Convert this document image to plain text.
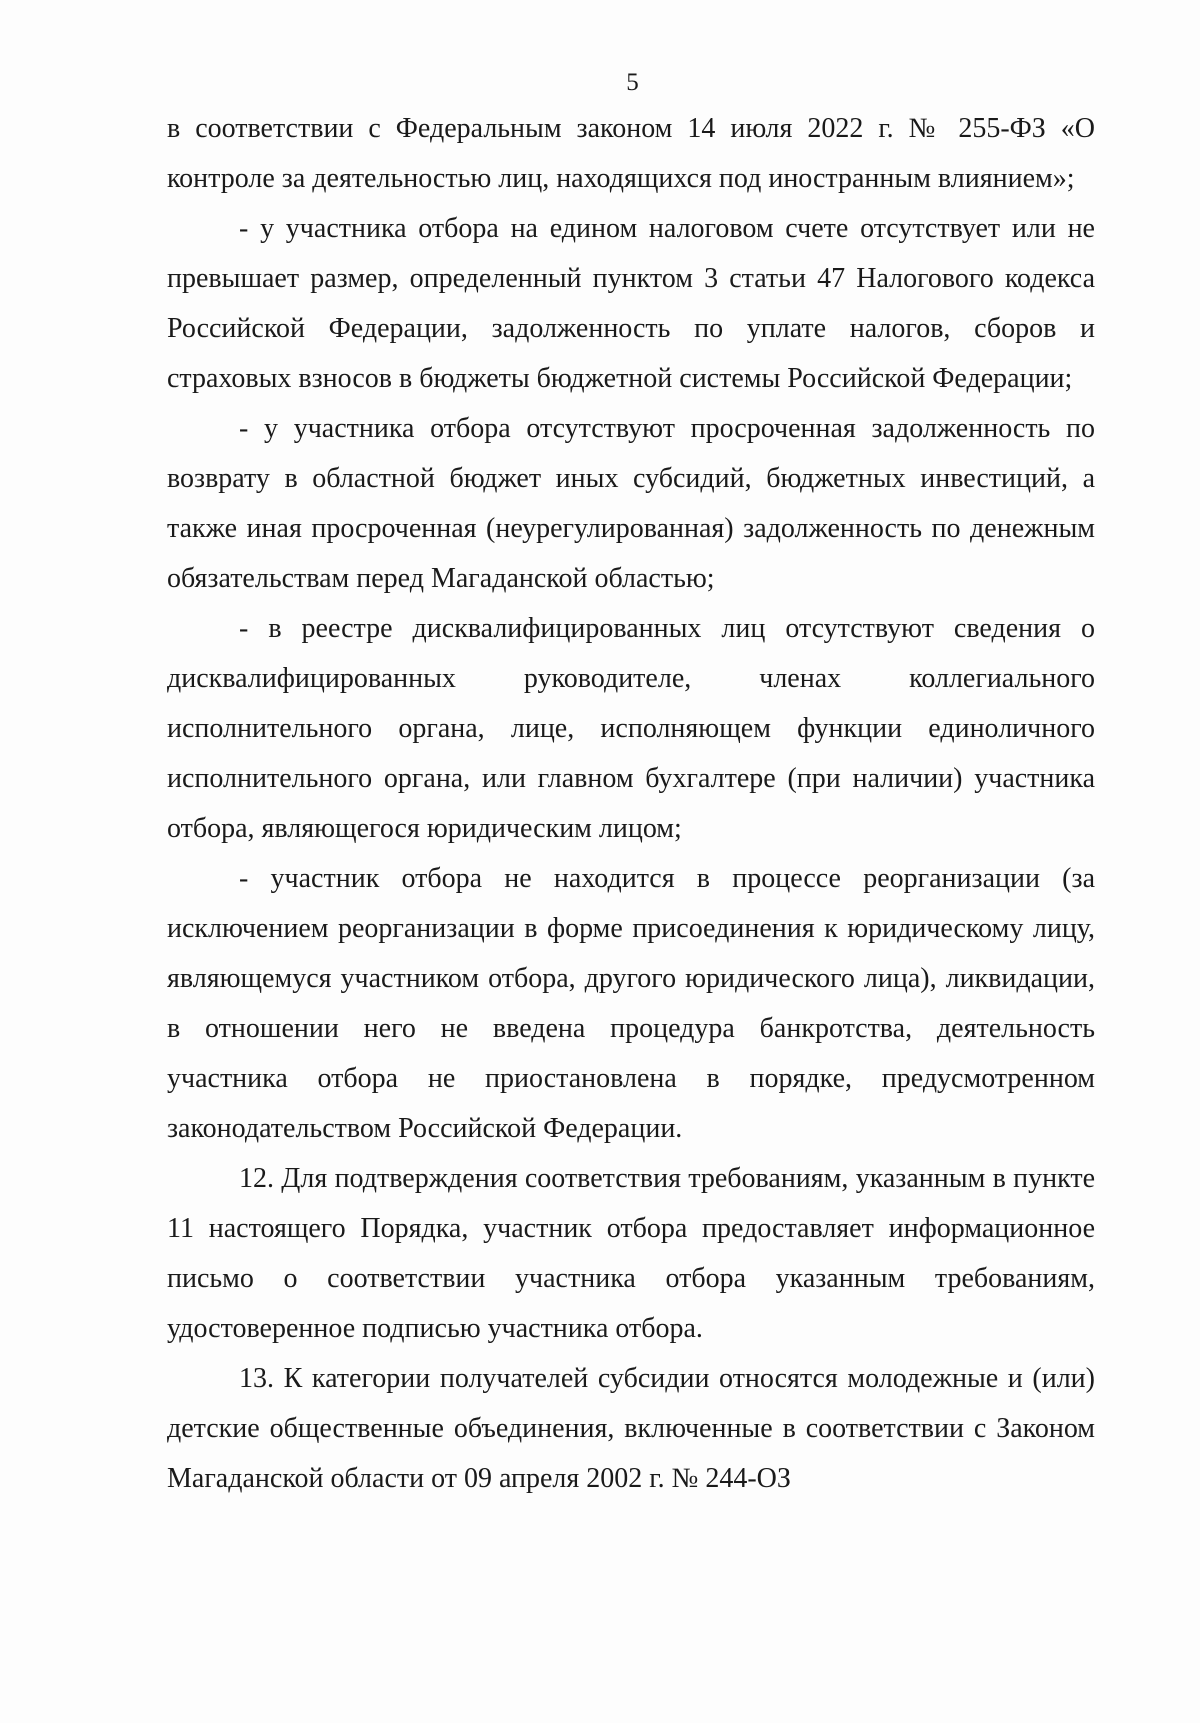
5

в соответствии с Федеральным законом 14 июля 2022 г. № 255-ФЗ «О контроле за деятельностью лиц, находящихся под иностранным влиянием»;

- у участника отбора на едином налоговом счете отсутствует или не превышает размер, определенный пунктом 3 статьи 47 Налогового кодекса Российской Федерации, задолженность по уплате налогов, сборов и страховых взносов в бюджеты бюджетной системы Российской Федерации;

- у участника отбора отсутствуют просроченная задолженность по возврату в областной бюджет иных субсидий, бюджетных инвестиций, а также иная просроченная (неурегулированная) задолженность по денежным обязательствам перед Магаданской областью;

- в реестре дисквалифицированных лиц отсутствуют сведения о дисквалифицированных руководителе, членах коллегиального исполнительного органа, лице, исполняющем функции единоличного исполнительного органа, или главном бухгалтере (при наличии) участника отбора, являющегося юридическим лицом;

- участник отбора не находится в процессе реорганизации (за исключением реорганизации в форме присоединения к юридическому лицу, являющемуся участником отбора, другого юридического лица), ликвидации, в отношении него не введена процедура банкротства, деятельность участника отбора не приостановлена в порядке, предусмотренном законодательством Российской Федерации.

12. Для подтверждения соответствия требованиям, указанным в пункте 11 настоящего Порядка, участник отбора предоставляет информационное письмо о соответствии участника отбора указанным требованиям, удостоверенное подписью участника отбора.

13. К категории получателей субсидии относятся молодежные и (или) детские общественные объединения, включенные в соответствии с Законом Магаданской области от 09 апреля 2002 г. № 244-ОЗ
